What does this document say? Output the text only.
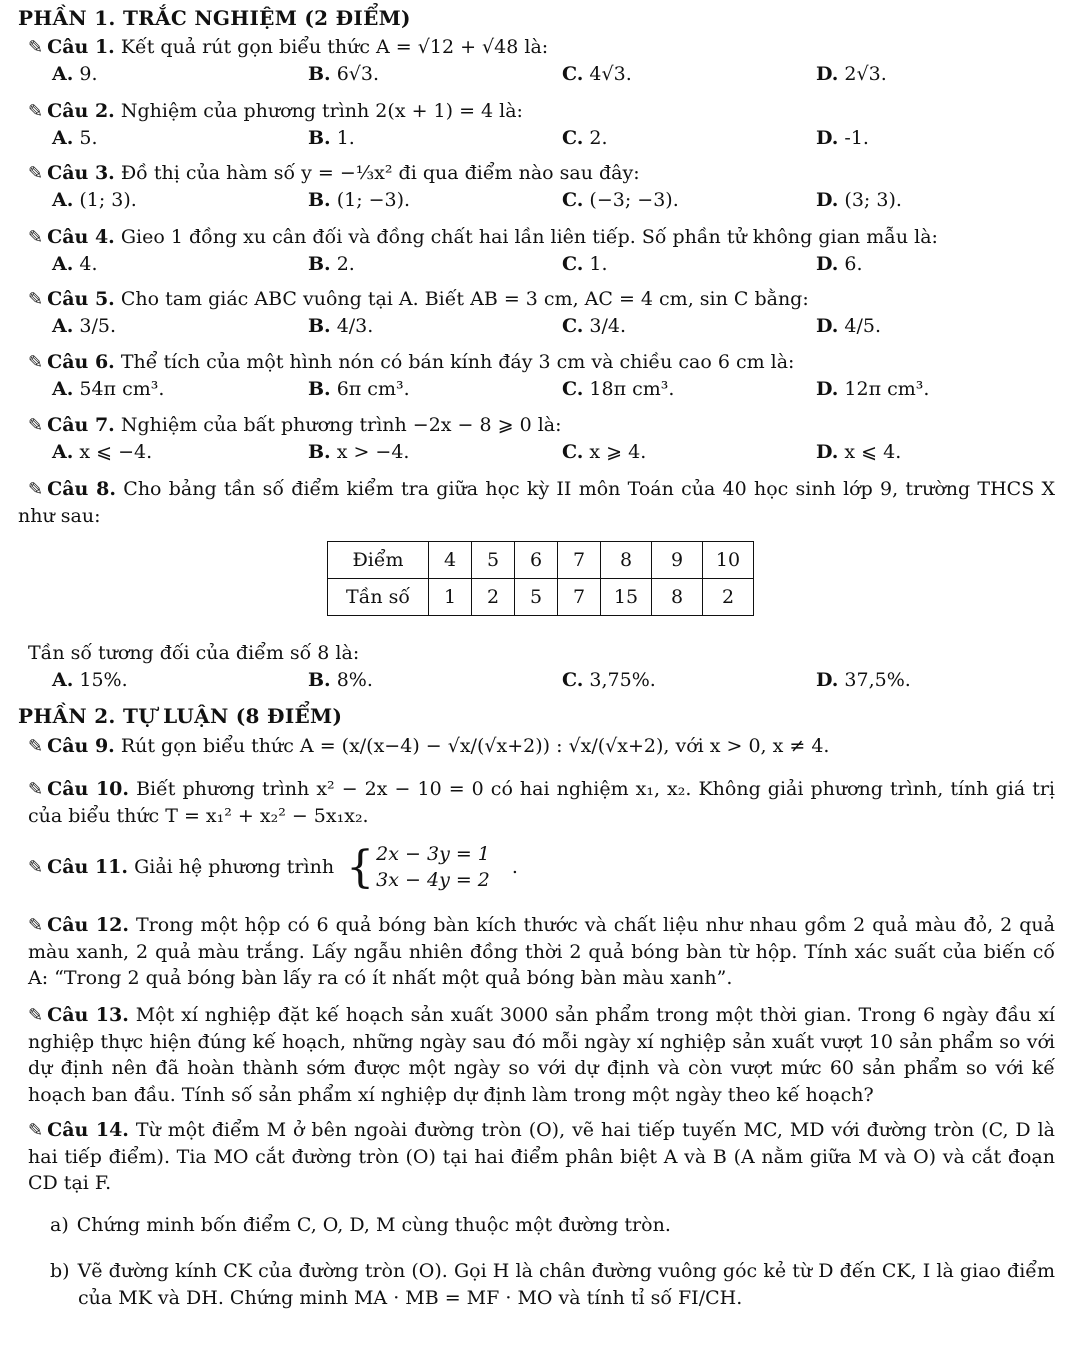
PHẦN 1. TRẮC NGHIỆM (2 ĐIỂM)
✎ Câu 1. Kết quả rút gọn biểu thức A = √12 + √48 là:
A. 9.	B. 6√3.	C. 4√3.	D. 2√3.
✎ Câu 2. Nghiệm của phương trình 2(x + 1) = 4 là:
A. 5.	B. 1.	C. 2.	D. -1.
✎ Câu 3. Đồ thị của hàm số y = −⅓x² đi qua điểm nào sau đây:
A. (1; 3).	B. (1; −3).	C. (−3; −3).	D. (3; 3).
✎ Câu 4. Gieo 1 đồng xu cân đối và đồng chất hai lần liên tiếp. Số phần tử không gian mẫu là:
A. 4.	B. 2.	C. 1.	D. 6.
✎ Câu 5. Cho tam giác ABC vuông tại A. Biết AB = 3 cm, AC = 4 cm, sin C bằng:
A. 3/5.	B. 4/3.	C. 3/4.	D. 4/5.
✎ Câu 6. Thể tích của một hình nón có bán kính đáy 3 cm và chiều cao 6 cm là:
A. 54π cm³.	B. 6π cm³.	C. 18π cm³.	D. 12π cm³.
✎ Câu 7. Nghiệm của bất phương trình −2x − 8 ⩾ 0 là:
A. x ⩽ −4.	B. x > −4.	C. x ⩾ 4.	D. x ⩽ 4.
✎ Câu 8. Cho bảng tần số điểm kiểm tra giữa học kỳ II môn Toán của 40 học sinh lớp 9, trường THCS X như sau:
Điểm	4	5	6	7	8	9	10
Tần số	1	2	5	7	15	8	2
Tần số tương đối của điểm số 8 là:
A. 15%.	B. 8%.	C. 3,75%.	D. 37,5%.
PHẦN 2. TỰ LUẬN (8 ĐIỂM)
✎ Câu 9. Rút gọn biểu thức A = (x/(x−4) − √x/(√x+2)) : √x/(√x+2), với x > 0, x ≠ 4.
✎ Câu 10. Biết phương trình x² − 2x − 10 = 0 có hai nghiệm x₁, x₂. Không giải phương trình, tính giá trị của biểu thức T = x₁² + x₂² − 5x₁x₂.
✎ Câu 11.
Giải hệ phương trình
{ 2x − 3y = 1
3x − 4y = 2
.
✎ Câu 12. Trong một hộp có 6 quả bóng bàn kích thước và chất liệu như nhau gồm 2 quả màu đỏ, 2 quả màu xanh, 2 quả màu trắng. Lấy ngẫu nhiên đồng thời 2 quả bóng bàn từ hộp. Tính xác suất của biến cố A: “Trong 2 quả bóng bàn lấy ra có ít nhất một quả bóng bàn màu xanh”.
✎ Câu 13. Một xí nghiệp đặt kế hoạch sản xuất 3000 sản phẩm trong một thời gian. Trong 6 ngày đầu xí nghiệp thực hiện đúng kế hoạch, những ngày sau đó mỗi ngày xí nghiệp sản xuất vượt 10 sản phẩm so với dự định nên đã hoàn thành sớm được một ngày so với dự định và còn vượt mức 60 sản phẩm so với kế hoạch ban đầu. Tính số sản phẩm xí nghiệp dự định làm trong một ngày theo kế hoạch?
✎ Câu 14. Từ một điểm M ở bên ngoài đường tròn (O), vẽ hai tiếp tuyến MC, MD với đường tròn (C, D là hai tiếp điểm). Tia MO cắt đường tròn (O) tại hai điểm phân biệt A và B (A nằm giữa M và O) và cắt đoạn CD tại F.
a) Chứng minh bốn điểm C, O, D, M cùng thuộc một đường tròn.
b) Vẽ đường kính CK của đường tròn (O). Gọi H là chân đường vuông góc kẻ từ D đến CK, I là giao điểm của MK và DH. Chứng minh MA · MB = MF · MO và tính tỉ số FI/CH.
